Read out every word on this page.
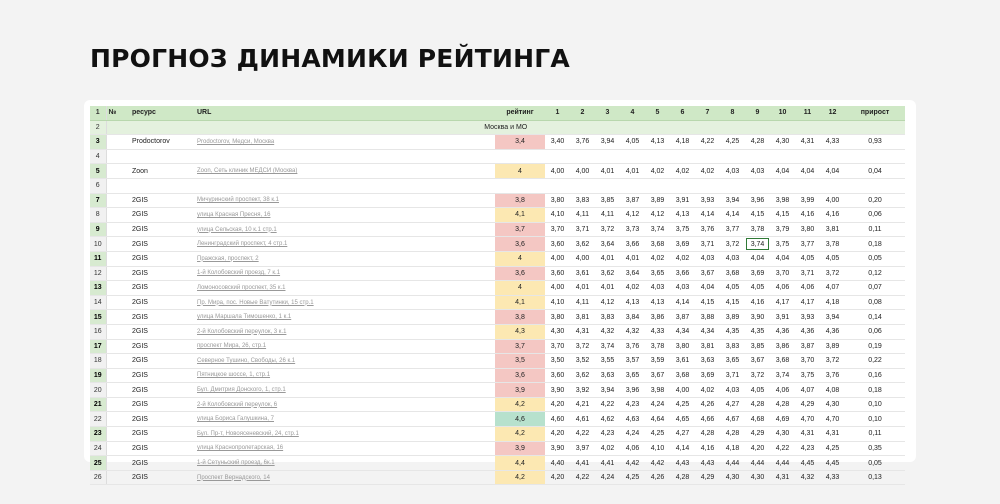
ПРОГНОЗ ДИНАМИКИ РЕЙТИНГА
1	№	ресурс	URL	рейтинг	1	2	3	4	5	6	7	8	9	10	11	12	прирост
2	Москва и МО																
3		Prodoctorov	Prodoctorov, Медси, Москва	3,4	3,40	3,76	3,94	4,05	4,13	4,18	4,22	4,25	4,28	4,30	4,31	4,33	0,93
4																	
5		Zoon	Zoon, Сеть клиник МЕДСИ (Москва)	4	4,00	4,00	4,01	4,01	4,02	4,02	4,02	4,03	4,03	4,04	4,04	4,04	0,04
6																	
7		2GIS	Мичуринский проспект, 38 к.1	3,8	3,80	3,83	3,85	3,87	3,89	3,91	3,93	3,94	3,96	3,98	3,99	4,00	0,20
8		2GIS	улица Красная Пресня, 16	4,1	4,10	4,11	4,11	4,12	4,12	4,13	4,14	4,14	4,15	4,15	4,16	4,16	0,06
9		2GIS	улица Сельская, 10 к.1 стр.1	3,7	3,70	3,71	3,72	3,73	3,74	3,75	3,76	3,77	3,78	3,79	3,80	3,81	0,11
10		2GIS	Ленинградский проспект, 4 стр.1	3,6	3,60	3,62	3,64	3,66	3,68	3,69	3,71	3,72	3,74	3,75	3,77	3,78	0,18
11		2GIS	Пражская, проспект, 2	4	4,00	4,00	4,01	4,01	4,02	4,02	4,03	4,03	4,04	4,04	4,05	4,05	0,05
12		2GIS	1-й Колобовский проезд, 7 к.1	3,6	3,60	3,61	3,62	3,64	3,65	3,66	3,67	3,68	3,69	3,70	3,71	3,72	0,12
13		2GIS	Ломоносовский проспект, 35 к.1	4	4,00	4,01	4,01	4,02	4,03	4,03	4,04	4,05	4,05	4,06	4,06	4,07	0,07
14		2GIS	Пр. Мира, пос. Новые Ватутинки, 15 стр.1	4,1	4,10	4,11	4,12	4,13	4,13	4,14	4,15	4,15	4,16	4,17	4,17	4,18	0,08
15		2GIS	улица Маршала Тимошенко, 1 к.1	3,8	3,80	3,81	3,83	3,84	3,86	3,87	3,88	3,89	3,90	3,91	3,93	3,94	0,14
16		2GIS	2-й Колобовский переулок, 3 к.1	4,3	4,30	4,31	4,32	4,32	4,33	4,34	4,34	4,35	4,35	4,36	4,36	4,36	0,06
17		2GIS	проспект Мира, 26, стр.1	3,7	3,70	3,72	3,74	3,76	3,78	3,80	3,81	3,83	3,85	3,86	3,87	3,89	0,19
18		2GIS	Северное Тушино, Свободы, 26 к.1	3,5	3,50	3,52	3,55	3,57	3,59	3,61	3,63	3,65	3,67	3,68	3,70	3,72	0,22
19		2GIS	Пятницкое шоссе, 1, стр.1	3,6	3,60	3,62	3,63	3,65	3,67	3,68	3,69	3,71	3,72	3,74	3,75	3,76	0,16
20		2GIS	Бул. Дмитрия Донского, 1, стр.1	3,9	3,90	3,92	3,94	3,96	3,98	4,00	4,02	4,03	4,05	4,06	4,07	4,08	0,18
21		2GIS	2-й Колобовский переулок, 6	4,2	4,20	4,21	4,22	4,23	4,24	4,25	4,26	4,27	4,28	4,28	4,29	4,30	0,10
22		2GIS	улица Бориса Галушкина, 7	4,6	4,60	4,61	4,62	4,63	4,64	4,65	4,66	4,67	4,68	4,69	4,70	4,70	0,10
23		2GIS	Бул. Пр-т, Новоясеневский, 24, стр.1	4,2	4,20	4,22	4,23	4,24	4,25	4,27	4,28	4,28	4,29	4,30	4,31	4,31	0,11
24		2GIS	улица Краснопролетарская, 16	3,9	3,90	3,97	4,02	4,06	4,10	4,14	4,16	4,18	4,20	4,22	4,23	4,25	0,35
25		2GIS	1-й Сетуньский проезд, 6к.1	4,4	4,40	4,41	4,41	4,42	4,42	4,43	4,43	4,44	4,44	4,44	4,45	4,45	0,05
26		2GIS	Проспект Вернадского, 14	4,2	4,20	4,22	4,24	4,25	4,26	4,28	4,29	4,30	4,30	4,31	4,32	4,33	0,13
